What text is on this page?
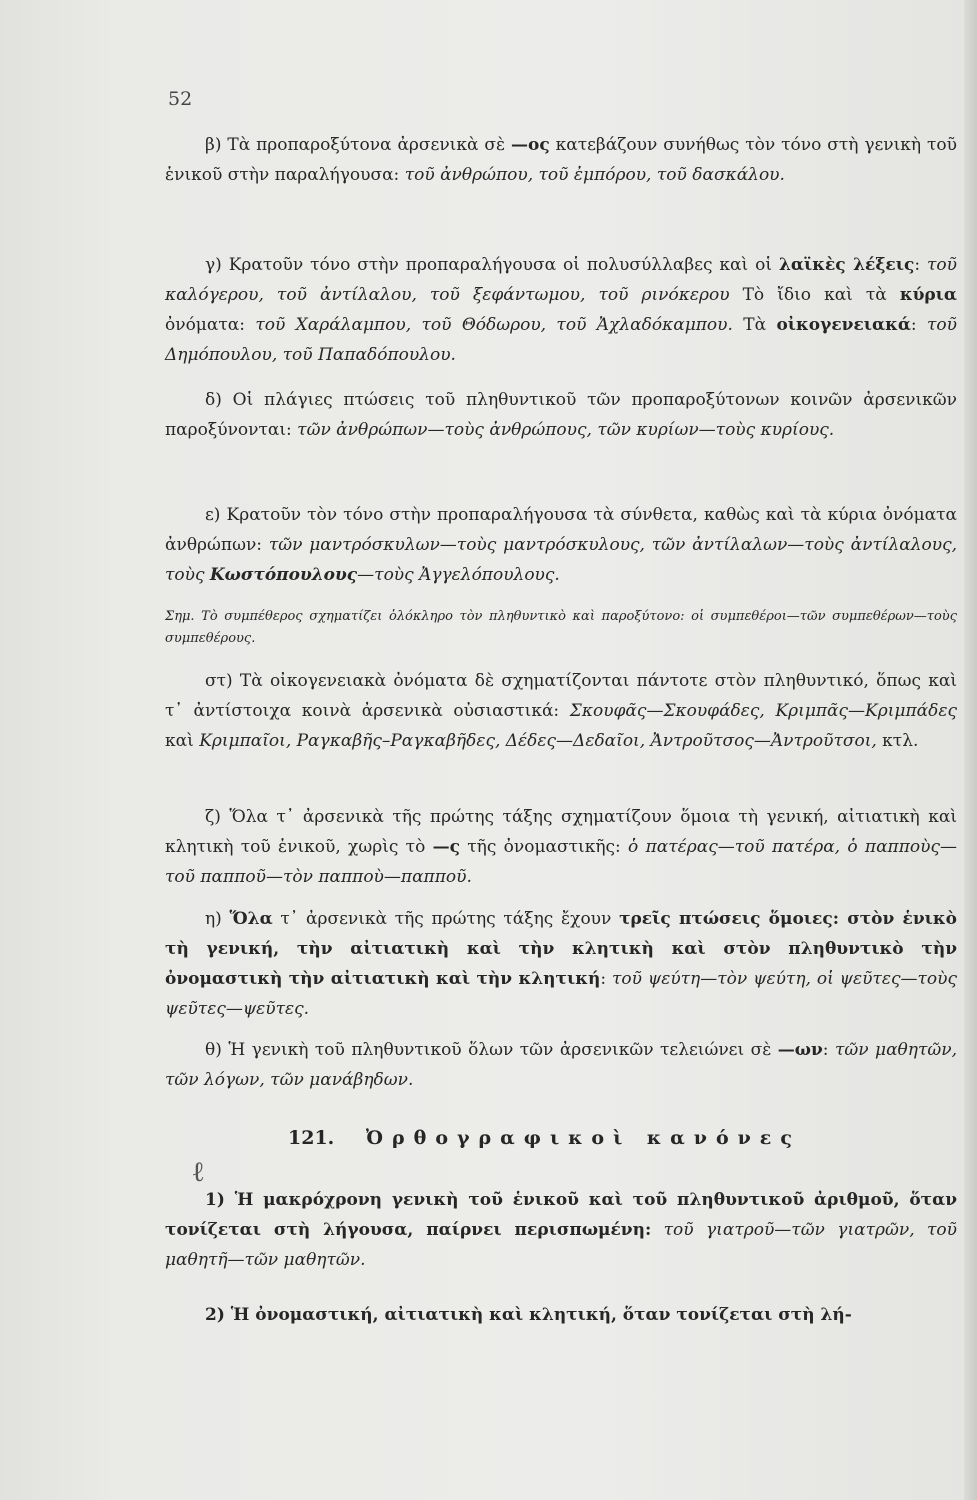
52
β) Τὰ προπαροξύτονα ἀρσενικὰ σὲ —ος κατεβάζουν συνήθως τὸν τόνο στὴ γενικὴ τοῦ ἑνικοῦ στὴν παραλήγουσα: τοῦ ἀνθρώπου, τοῦ ἐμπόρου, τοῦ δασκάλου.
γ) Κρατοῦν τόνο στὴν προπαραλήγουσα οἱ πολυσύλλαβες καὶ οἱ λαϊκὲς λέξεις: τοῦ καλόγερου, τοῦ ἀντίλαλου, τοῦ ξεφάντωμου, τοῦ ρινόκερου Τὸ ἴδιο καὶ τὰ κύρια ὀνόματα: τοῦ Χαράλαμπου, τοῦ Θόδωρου, τοῦ Ἀχλαδόκαμπου. Τὰ οἰκογενειακά: τοῦ Δημόπουλου, τοῦ Παπαδόπουλου.
δ) Οἱ πλάγιες πτώσεις τοῦ πληθυντικοῦ τῶν προπαροξύτονων κοινῶν ἀρσενικῶν παροξύνονται: τῶν ἀνθρώπων—τοὺς ἀνθρώπους, τῶν κυρίων—τοὺς κυρίους.
ε) Κρατοῦν τὸν τόνο στὴν προπαραλήγουσα τὰ σύνθετα, καθὼς καὶ τὰ κύρια ὀνόματα ἀνθρώπων: τῶν μαντρόσκυλων—τοὺς μαντρόσκυλους, τῶν ἀντίλαλων—τοὺς ἀντίλαλους, τοὺς Κωστόπουλους—τοὺς Ἀγγελόπουλους.
Σημ. Τὸ συμπέθερος σχηματίζει ὁλόκληρο τὸν πληθυντικὸ καὶ παροξύτονο: οἱ συμπεθέροι—τῶν συμπεθέρων—τοὺς συμπεθέρους.
στ) Τὰ οἰκογενειακὰ ὀνόματα δὲ σχηματίζονται πάντοτε στὸν πληθυντικό, ὅπως καὶ τ᾿ ἀντίστοιχα κοινὰ ἀρσενικὰ οὐσιαστικά: Σκουφᾶς—Σκουφάδες, Κριμπᾶς—Κριμπάδες καὶ Κριμπαῖοι, Ραγκαβῆς–Ραγκαβῆδες, Δέδες—Δεδαῖοι, Ἀντροῦτσος—Ἀντροῦτσοι, κτλ.
ζ) Ὅλα τ᾿ ἀρσενικὰ τῆς πρώτης τάξης σχηματίζουν ὅμοια τὴ γενική, αἰτιατικὴ καὶ κλητικὴ τοῦ ἑνικοῦ, χωρὶς τὸ —ς τῆς ὀνομαστικῆς: ὁ πατέρας—τοῦ πατέρα, ὁ παπποὺς—τοῦ παπποῦ—τὸν παπποὺ—παπποῦ.
η) Ὅλα τ᾿ ἀρσενικὰ τῆς πρώτης τάξης ἔχουν τρεῖς πτώσεις ὅμοιες: στὸν ἑνικὸ τὴ γενική, τὴν αἰτιατικὴ καὶ τὴν κλητικὴ καὶ στὸν πληθυντικὸ τὴν ὀνομαστικὴ τὴν αἰτιατικὴ καὶ τὴν κλητική: τοῦ ψεύτη—τὸν ψεύτη, οἱ ψεῦτες—τοὺς ψεῦτες—ψεῦτες.
θ) Ἡ γενικὴ τοῦ πληθυντικοῦ ὅλων τῶν ἀρσενικῶν τελειώνει σὲ —ων: τῶν μαθητῶν, τῶν λόγων, τῶν μανάβηδων.
121. Ὀρθογραφικοὶ κανόνες
ℓ
1) Ἡ μακρόχρονη γενικὴ τοῦ ἑνικοῦ καὶ τοῦ πληθυντικοῦ ἀριθμοῦ, ὅταν τονίζεται στὴ λήγουσα, παίρνει περισπωμένη: τοῦ γιατροῦ—τῶν γιατρῶν, τοῦ μαθητῆ—τῶν μαθητῶν.
2) Ἡ ὀνομαστική, αἰτιατικὴ καὶ κλητική, ὅταν τονίζεται στὴ λή-
